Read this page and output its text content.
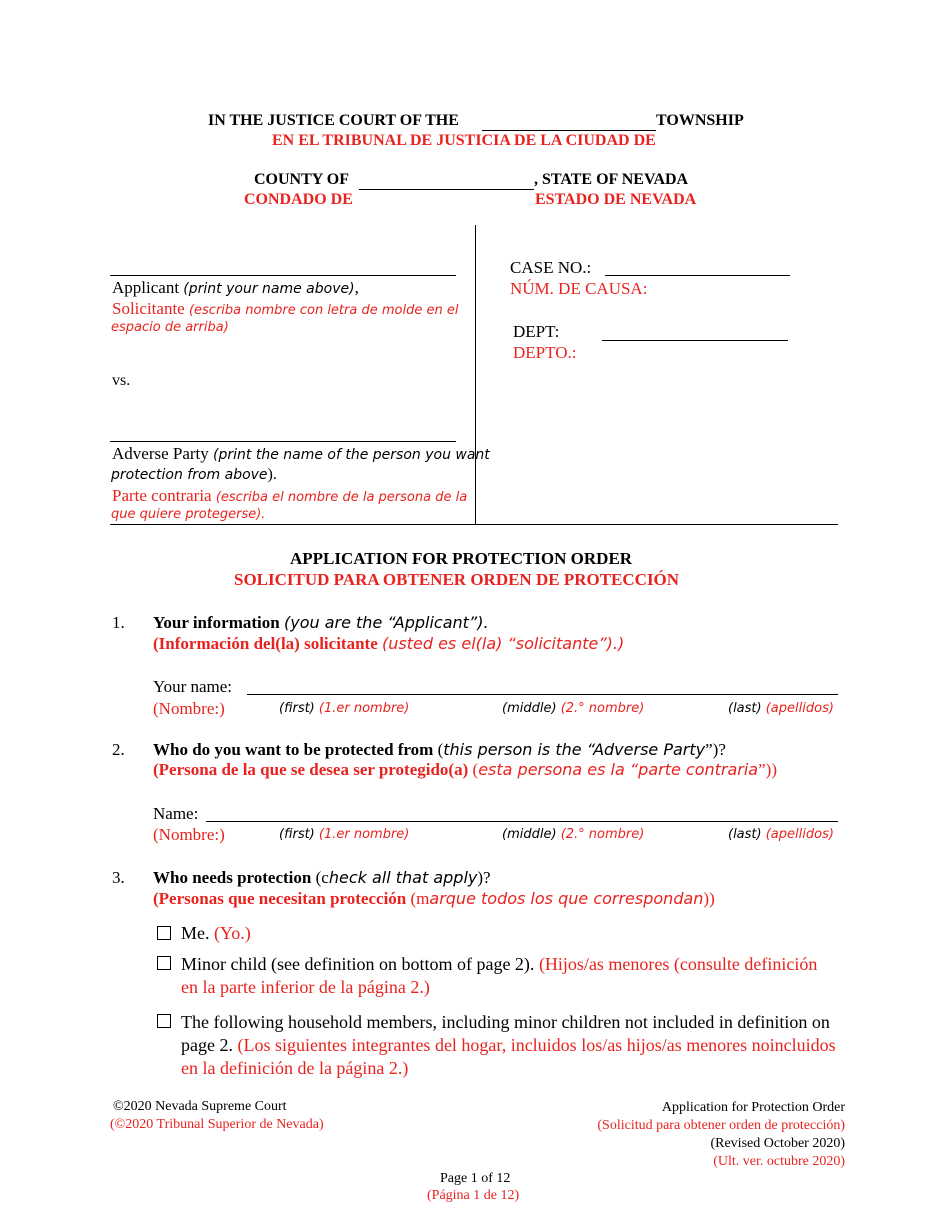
IN THE JUSTICE COURT OF THE	TOWNSHIP
EN EL TRIBUNAL DE JUSTICIA DE LA CIUDAD DE
COUNTY OF	, STATE OF NEVADA
CONDADO DE	ESTADO DE NEVADA
Applicant (print your name above),
Solicitante (escriba nombre con letra de molde en el
espacio de arriba)
vs.
Adverse Party (print the name of the person you want
protection from above).
Parte contraria (escriba el nombre de la persona de la
que quiere protegerse).
CASE NO.:
NÚM. DE CAUSA:
DEPT:
DEPTO.:
APPLICATION FOR PROTECTION ORDER
SOLICITUD PARA OBTENER ORDEN DE PROTECCIÓN
1. Your information (you are the “Applicant”).
(Información del(la) solicitante (usted es el(la) “solicitante”).)
Your name:
(Nombre:)	(first) (1.er nombre)	(middle) (2.° nombre)	(last) (apellidos)
2. Who do you want to be protected from (this person is the “Adverse Party”)?
(Persona de la que se desea ser protegido(a) (esta persona es la “parte contraria”))
Name:
(Nombre:)	(first) (1.er nombre)	(middle) (2.° nombre)	(last) (apellidos)
3. Who needs protection (check all that apply)?
(Personas que necesitan protección (marque todos los que correspondan))
Me. (Yo.)
Minor child (see definition on bottom of page 2). (Hijos/as menores (consulte definición en la parte inferior de la página 2.)
The following household members, including minor children not included in definition on page 2. (Los siguientes integrantes del hogar, incluidos los/as hijos/as menores noincluidos en la definición de la página 2.)
©2020 Nevada Supreme Court
(©2020 Tribunal Superior de Nevada)
Application for Protection Order
(Solicitud para obtener orden de protección)
(Revised October 2020)
(Ult. ver. octubre 2020)
Page 1 of 12
(Página 1 de 12)
